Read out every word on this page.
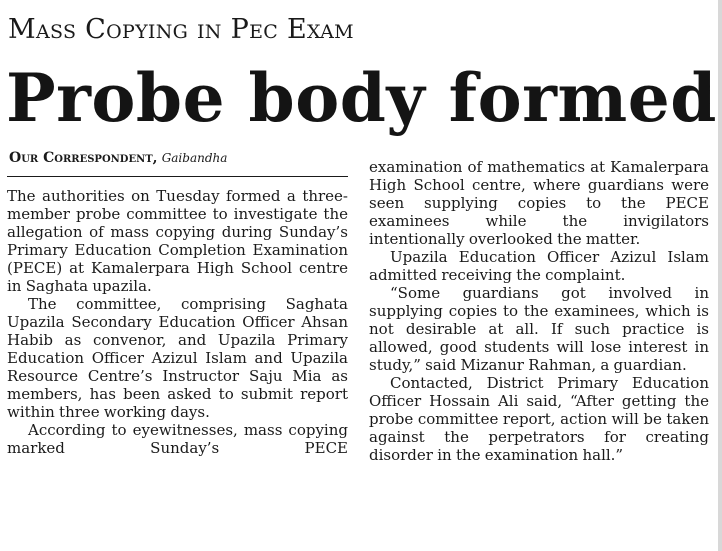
Mass Copying in Pec Exam
Probe body formed
Our Correspondent, Gaibandha

The authorities on Tuesday formed a three-member probe committee to investigate the allegation of mass copying during Sunday’s Primary Education Completion Examination (PECE) at Kamalerpara High School centre in Saghata upazila.

The committee, comprising Saghata Upazila Secondary Education Officer Ahsan Habib as convenor, and Upazila Primary Education Officer Azizul Islam and Upazila Resource Centre’s Instructor Saju Mia as members, has been asked to submit report within three working days.

According to eyewitnesses, mass copying marked Sunday’s PECE

examination of mathematics at Kamalerpara High School centre, where guardians were seen supplying copies to the PECE examinees while the invigilators intentionally overlooked the matter.

Upazila Education Officer Azizul Islam admitted receiving the complaint.

“Some guardians got involved in supplying copies to the examinees, which is not desirable at all. If such practice is allowed, good students will lose interest in study,” said Mizanur Rahman, a guardian.

Contacted, District Primary Education Officer Hossain Ali said, “After getting the probe committee report, action will be taken against the perpetrators for creating disorder in the examination hall.”
